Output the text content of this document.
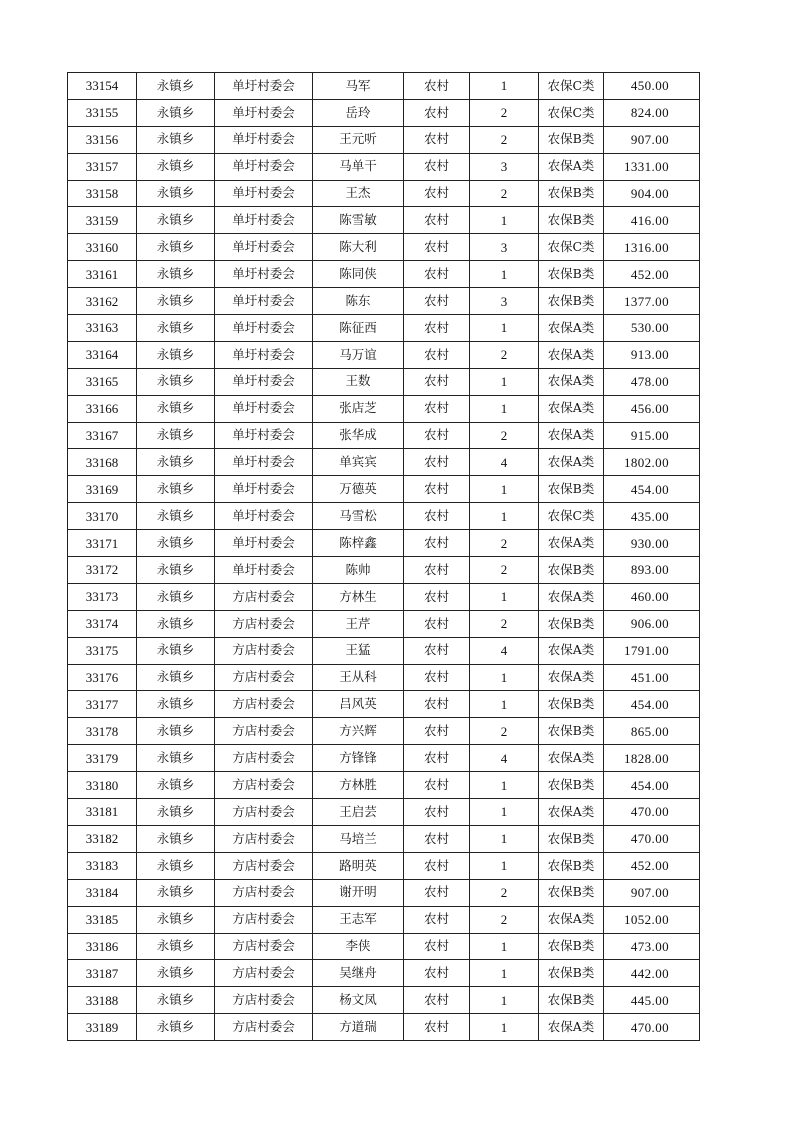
33154	永镇乡	单圩村委会	马军	农村	1	农保C类	450.00
33155	永镇乡	单圩村委会	岳玲	农村	2	农保C类	824.00
33156	永镇乡	单圩村委会	王元听	农村	2	农保B类	907.00
33157	永镇乡	单圩村委会	马单干	农村	3	农保A类	1331.00
33158	永镇乡	单圩村委会	王杰	农村	2	农保B类	904.00
33159	永镇乡	单圩村委会	陈雪敏	农村	1	农保B类	416.00
33160	永镇乡	单圩村委会	陈大利	农村	3	农保C类	1316.00
33161	永镇乡	单圩村委会	陈同侠	农村	1	农保B类	452.00
33162	永镇乡	单圩村委会	陈东	农村	3	农保B类	1377.00
33163	永镇乡	单圩村委会	陈征西	农村	1	农保A类	530.00
33164	永镇乡	单圩村委会	马万谊	农村	2	农保A类	913.00
33165	永镇乡	单圩村委会	王数	农村	1	农保A类	478.00
33166	永镇乡	单圩村委会	张店芝	农村	1	农保A类	456.00
33167	永镇乡	单圩村委会	张华成	农村	2	农保A类	915.00
33168	永镇乡	单圩村委会	单宾宾	农村	4	农保A类	1802.00
33169	永镇乡	单圩村委会	万德英	农村	1	农保B类	454.00
33170	永镇乡	单圩村委会	马雪松	农村	1	农保C类	435.00
33171	永镇乡	单圩村委会	陈梓鑫	农村	2	农保A类	930.00
33172	永镇乡	单圩村委会	陈帅	农村	2	农保B类	893.00
33173	永镇乡	方店村委会	方林生	农村	1	农保A类	460.00
33174	永镇乡	方店村委会	王芹	农村	2	农保B类	906.00
33175	永镇乡	方店村委会	王猛	农村	4	农保A类	1791.00
33176	永镇乡	方店村委会	王从科	农村	1	农保A类	451.00
33177	永镇乡	方店村委会	吕风英	农村	1	农保B类	454.00
33178	永镇乡	方店村委会	方兴辉	农村	2	农保B类	865.00
33179	永镇乡	方店村委会	方锋锋	农村	4	农保A类	1828.00
33180	永镇乡	方店村委会	方林胜	农村	1	农保B类	454.00
33181	永镇乡	方店村委会	王启芸	农村	1	农保A类	470.00
33182	永镇乡	方店村委会	马培兰	农村	1	农保B类	470.00
33183	永镇乡	方店村委会	路明英	农村	1	农保B类	452.00
33184	永镇乡	方店村委会	谢开明	农村	2	农保B类	907.00
33185	永镇乡	方店村委会	王志军	农村	2	农保A类	1052.00
33186	永镇乡	方店村委会	李侠	农村	1	农保B类	473.00
33187	永镇乡	方店村委会	吴继舟	农村	1	农保B类	442.00
33188	永镇乡	方店村委会	杨文凤	农村	1	农保B类	445.00
33189	永镇乡	方店村委会	方道瑞	农村	1	农保A类	470.00
